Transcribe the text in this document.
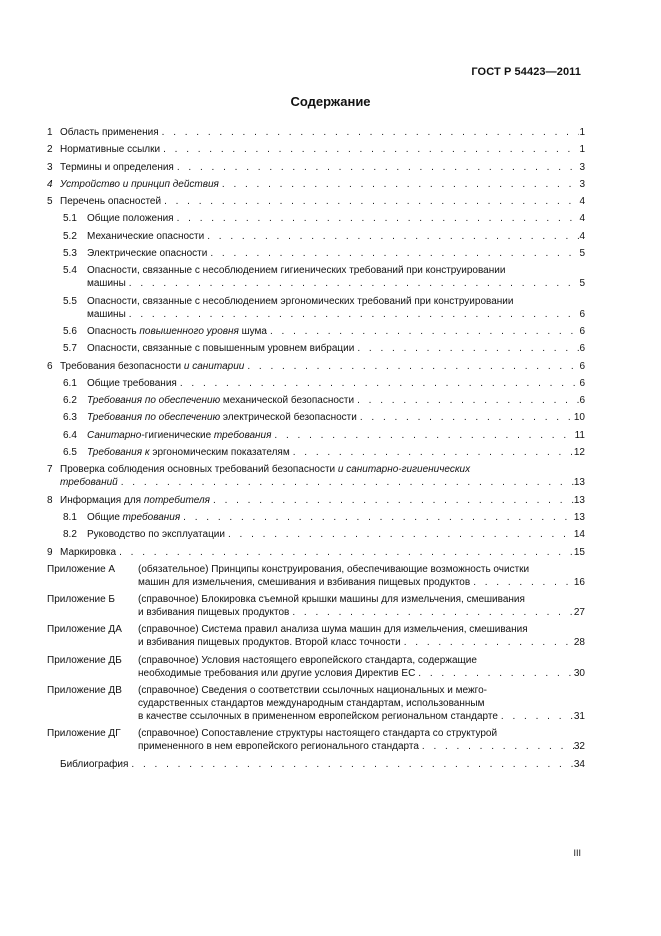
ГОСТ Р 54423—2011
Содержание
1 Область применения . . .	1
2 Нормативные ссылки . . .	1
3 Термины и определения . . .	3
4 Устройство и принцип действия . . .	3
5 Перечень опасностей . . .	4
5.1	Общие положения . . .	4
5.2	Механические опасности . . .	4
5.3	Электрические опасности . . .	5
5.4	Опасности, связанные с несоблюдением гигиенических требований при конструировании
машины . . .	5
5.5	Опасности, связанные с несоблюдением эргономических требований при конструировании
машины . . .	6
5.6	Опасность повышенного уровня шума . . .	6
5.7	Опасности, связанные с повышенным уровнем вибрации . . .	6
6 Требования безопасности и санитарии . . .	6
6.1	Общие требования . . .	6
6.2	Требования по обеспечению механической безопасности . . .	6
6.3	Требования по обеспечению электрической безопасности . . .	10
6.4	Санитарно-гигиенические требования . . .	11
6.5	Требования к эргономическим показателям . . .	12
7 Проверка соблюдения основных требований безопасности и санитарно-гигиенических
требований . . .	13
8 Информация для потребителя . . .	13
8.1	Общие требования . . .	13
8.2	Руководство по эксплуатации . . .	14
9 Маркировка . . .	15
Приложение А	(обязательное) Принципы конструирования, обеспечивающие возможность очистки
машин для измельчения, смешивания и взбивания пищевых продуктов . . .	16
Приложение Б	(справочное) Блокировка съемной крышки машины для измельчения, смешивания
и взбивания пищевых продуктов . . .	27
Приложение ДА	(справочное) Система правил анализа шума машин для измельчения, смешивания
и взбивания пищевых продуктов. Второй класс точности . . .	28
Приложение ДБ	(справочное) Условия настоящего европейского стандарта, содержащие
необходимые требования или другие условия Директив ЕС . . .	30
Приложение ДВ	(справочное) Сведения о соответствии ссылочных национальных и межго-
сударственных стандартов международным стандартам, использованным
в качестве ссылочных в примененном европейском региональном стандарте . . .	31
Приложение ДГ	(справочное) Сопоставление структуры настоящего стандарта со структурой
примененного в нем европейского регионального стандарта . . .	32
Библиография . . .	34
III
